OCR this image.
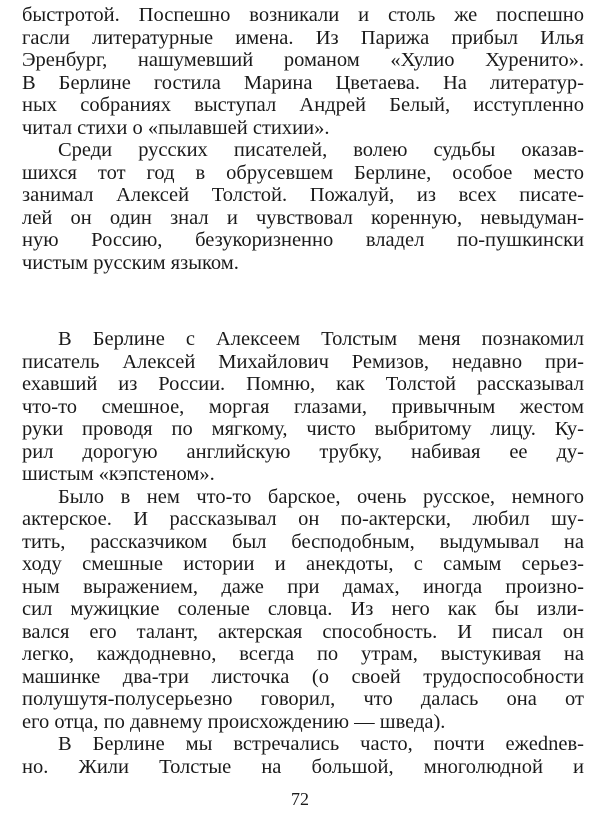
быстротой. Поспешно возникали и столь же поспешно
гасли литературные имена. Из Парижа прибыл Илья
Эренбург, нашумевший романом «Хулио Хуренито».
В Берлине гостила Марина Цветаева. На литератур-
ных собраниях выступал Андрей Белый, исступленно
читал стихи о «пылавшей стихии».
Среди русских писателей, волею судьбы оказав-
шихся тот год в обрусевшем Берлине, особое место
занимал Алексей Толстой. Пожалуй, из всех писате-
лей он один знал и чувствовал коренную, невыдуман-
ную Россию, безукоризненно владел по-пушкински
чистым русским языком.
В Берлине с Алексеем Толстым меня познакомил
писатель Алексей Михайлович Ремизов, недавно при-
ехавший из России. Помню, как Толстой рассказывал
что-то смешное, моргая глазами, привычным жестом
руки проводя по мягкому, чисто выбритому лицу. Ку-
рил дорогую английскую трубку, набивая ее ду-
шистым «кэпстеном».
Было в нем что-то барское, очень русское, немного
актерское. И рассказывал он по-актерски, любил шу-
тить, рассказчиком был бесподобным, выдумывал на
ходу смешные истории и анекдоты, с самым серьез-
ным выражением, даже при дамах, иногда произно-
сил мужицкие соленые словца. Из него как бы изли-
вался его талант, актерская способность. И писал он
легко, каждодневно, всегда по утрам, выстукивая на
машинке два-три листочка (о своей трудоспособности
полушутя-полусерьезно говорил, что далась она от
его отца, по давнему происхождению — шведа).
В Берлине мы встречались часто, почти ежednев-
но. Жили Толстые на большой, многолюдной и
72
